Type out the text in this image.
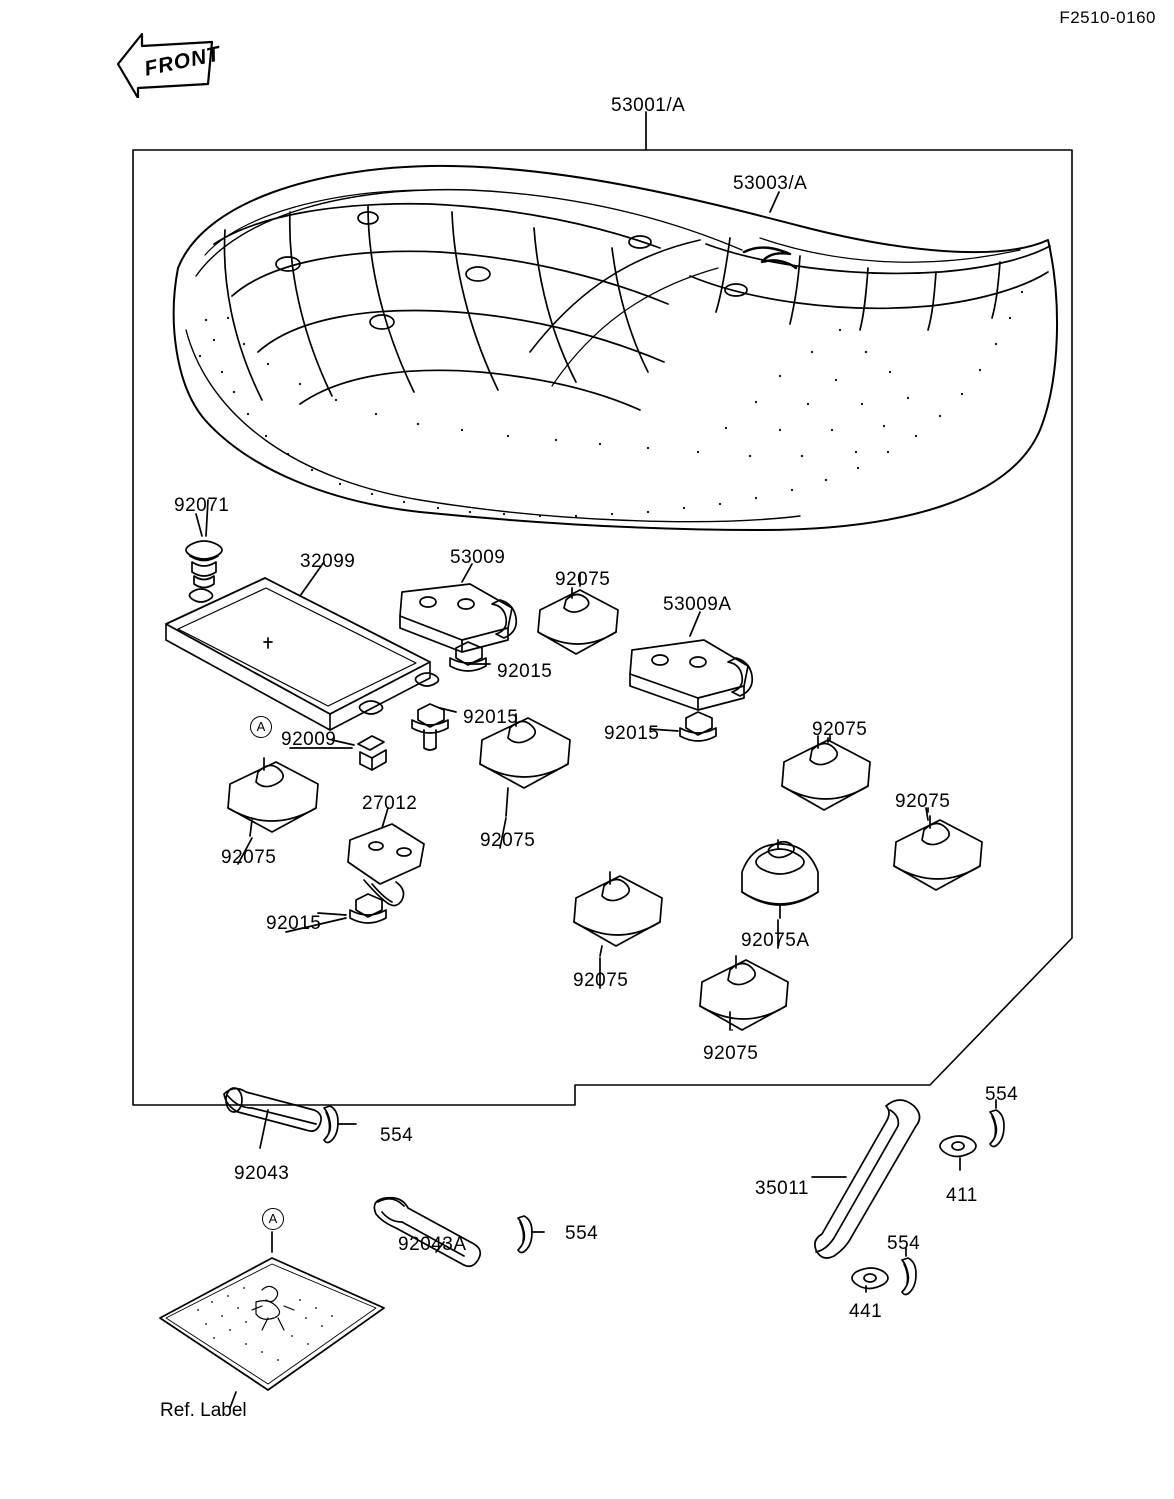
F2510-0160
FRONT
A
A
53001/A
53003/A
92071
32099	53009
92075
53009A
92015
92015
92015	92075
92009
92075
27012
92075
92075
92015
92075A
92075
92075
92043
554
554
411
35011
92043A
554	554
441
Ref. Label
